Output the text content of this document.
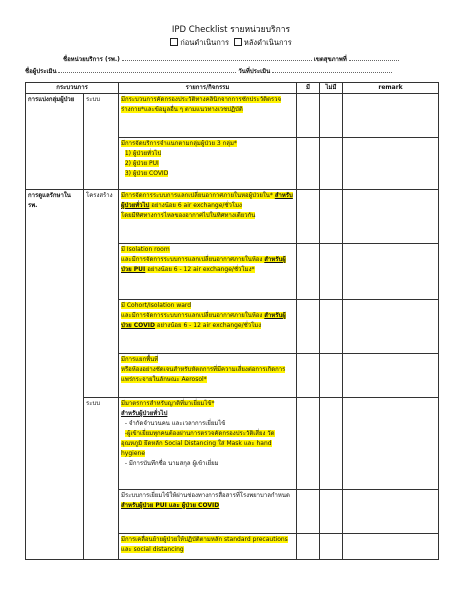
IPD Checklist รายหน่วยบริการ
ก่อนดำเนินการ หลังดำเนินการ
ชื่อหน่วยบริการ (รพ.)	เขตสุขภาพที่
ชื่อผู้ประเมิน	วันที่ประเมิน
กระบวนการ		รายการ/กิจกรรม	มี	ไม่มี	remark
การแบ่งกลุ่มผู้ป่วย	ระบบ	มีกระบวนการคัดกรองประวัติทางคลินิกจากการซักประวัติตรวจร่างกาย*และข้อมูลอื่น ๆ ตามแนวทางเวชปฏิบัติ			
		มีการจัดบริการจำแนกตามกลุ่มผู้ป่วย 3 กลุ่ม*
1) ผู้ป่วยทั่วไป
2) ผู้ป่วย PUI
3) ผู้ป่วย COVID			
การดูแลรักษาใน รพ.	โครงสร้าง	มีการจัดการระบบการแลกเปลี่ยนอากาศภายในหอผู้ป่วยใน* สำหรับผู้ป่วยทั่วไป อย่างน้อย 6 air exchange/ชั่วโมง
โดยมีทิศทางการไหลของอากาศไปในทิศทางเดียวกัน			
		มี Isolation room
และมีการจัดการระบบการแลกเปลี่ยนอากาศภายในห้อง สำหรับผู้ป่วย PUI อย่างน้อย 6 - 12 air exchange/ชั่วโมง*			
		มี Cohort/Isolation ward
และมีการจัดการระบบการแลกเปลี่ยนอากาศภายในห้อง สำหรับผู้ป่วย COVID อย่างน้อย 6 - 12 air exchange/ชั่วโมง			
		มีการแยกพื้นที่
หรือห้องอย่างชัดเจนสำหรับหัตถการที่มีความเสี่ยงต่อการเกิดการแพร่กระจายในลักษณะ Aerosol*			
	ระบบ	มีมาตรการสำหรับญาติที่มาเยี่ยมไข้*
สำหรับผู้ป่วยทั่วไป
- จำกัดจำนวนคน และเวลาการเยี่ยมไข้
-ผู้เข้าเยี่ยมทุกคนต้องผ่านการตรวจคัดกรองประวัติเสี่ยง วัดอุณหภูมิ ยึดหลัก Social Distancing ใส่ Mask และ hand hygiene
- มีการบันทึกชื่อ นามสกุล ผู้เข้าเยี่ยม			
		มีระบบการเยี่ยมไข้ให้ผ่านช่องทางการสื่อสารที่โรงพยาบาลกำหนด สำหรับผู้ป่วย PUI และ ผู้ป่วย COVID			
		มีการเคลื่อนย้ายผู้ป่วยให้ปฏิบัติตามหลัก standard precautions และ social distancing			
